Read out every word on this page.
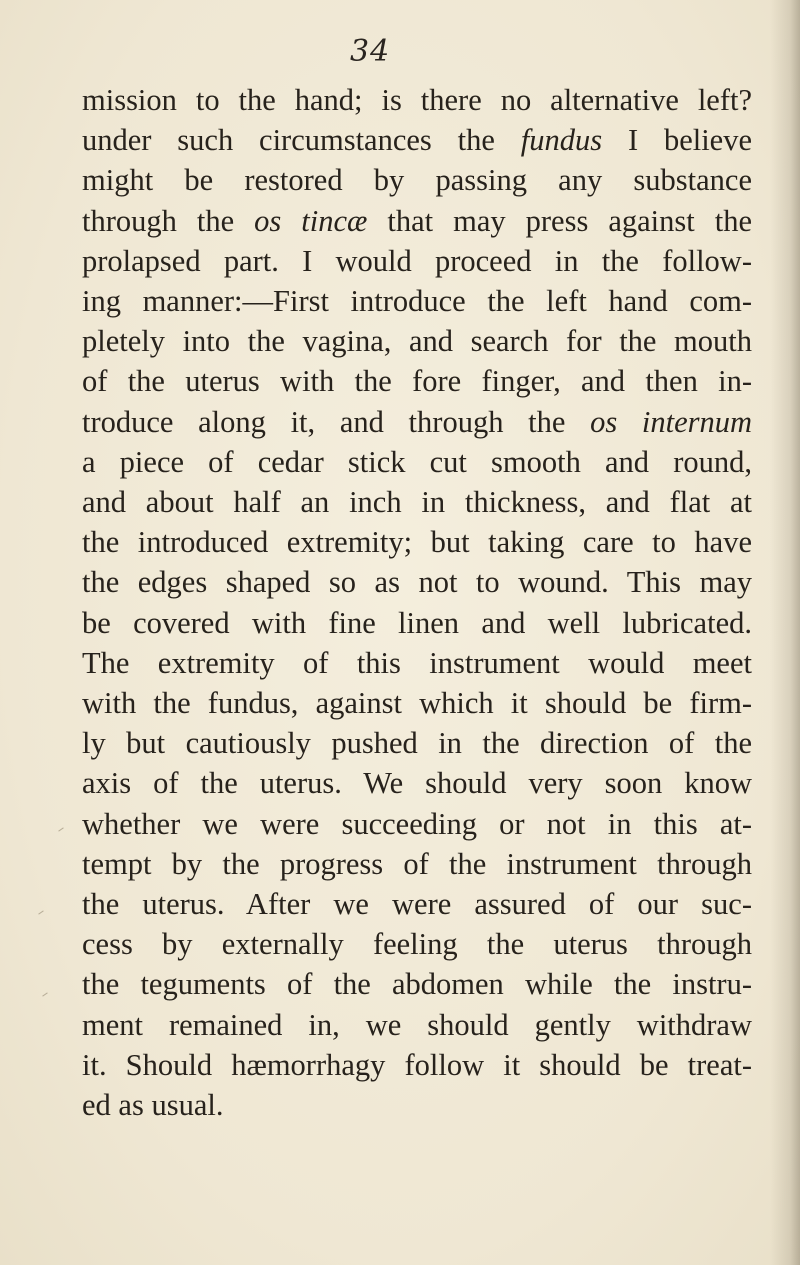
34

mission to the hand; is there no alternative left?
under such circumstances the fundus I believe
might be restored by passing any substance
through the os tincæ that may press against the
prolapsed part. I would proceed in the follow-
ing manner:—First introduce the left hand com-
pletely into the vagina, and search for the mouth
of the uterus with the fore finger, and then in-
troduce along it, and through the os internum
a piece of cedar stick cut smooth and round,
and about half an inch in thickness, and flat at
the introduced extremity; but taking care to have
the edges shaped so as not to wound. This may
be covered with fine linen and well lubricated.
The extremity of this instrument would meet
with the fundus, against which it should be firm-
ly but cautiously pushed in the direction of the
axis of the uterus. We should very soon know
whether we were succeeding or not in this at-
tempt by the progress of the instrument through
the uterus. After we were assured of our suc-
cess by externally feeling the uterus through
the teguments of the abdomen while the instru-
ment remained in, we should gently withdraw
it. Should hæmorrhagy follow it should be treat-
ed as usual.
